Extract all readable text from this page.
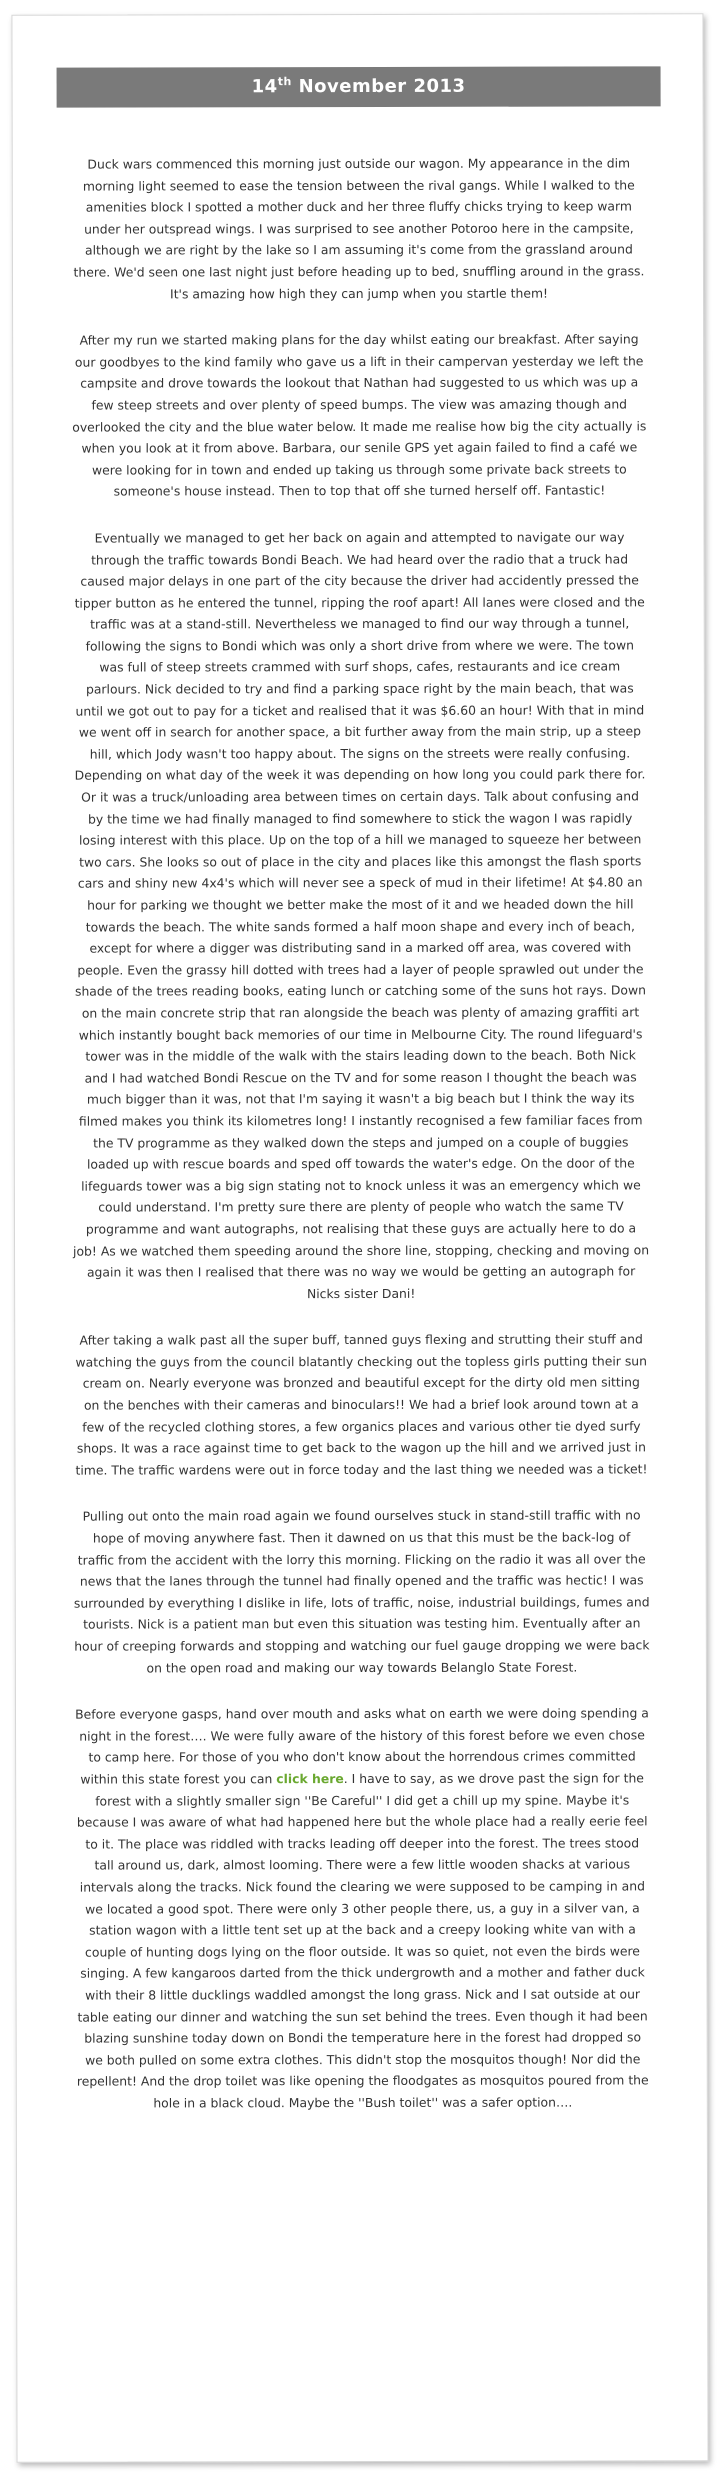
14th November 2013

Duck wars commenced this morning just outside our wagon. My appearance in the dim morning light seemed to ease the tension between the rival gangs. While I walked to the amenities block I spotted a mother duck and her three fluffy chicks trying to keep warm under her outspread wings. I was surprised to see another Potoroo here in the campsite, although we are right by the lake so I am assuming it's come from the grassland around there. We'd seen one last night just before heading up to bed, snuffling around in the grass. It's amazing how high they can jump when you startle them!

After my run we started making plans for the day whilst eating our breakfast. After saying our goodbyes to the kind family who gave us a lift in their campervan yesterday we left the campsite and drove towards the lookout that Nathan had suggested to us which was up a few steep streets and over plenty of speed bumps. The view was amazing though and overlooked the city and the blue water below. It made me realise how big the city actually is when you look at it from above. Barbara, our senile GPS yet again failed to find a café we were looking for in town and ended up taking us through some private back streets to someone's house instead. Then to top that off she turned herself off. Fantastic!

Eventually we managed to get her back on again and attempted to navigate our way through the traffic towards Bondi Beach. We had heard over the radio that a truck had caused major delays in one part of the city because the driver had accidently pressed the tipper button as he entered the tunnel, ripping the roof apart! All lanes were closed and the traffic was at a stand-still. Nevertheless we managed to find our way through a tunnel, following the signs to Bondi which was only a short drive from where we were. The town was full of steep streets crammed with surf shops, cafes, restaurants and ice cream parlours. Nick decided to try and find a parking space right by the main beach, that was until we got out to pay for a ticket and realised that it was $6.60 an hour! With that in mind we went off in search for another space, a bit further away from the main strip, up a steep hill, which Jody wasn't too happy about. The signs on the streets were really confusing. Depending on what day of the week it was depending on how long you could park there for. Or it was a truck/unloading area between times on certain days. Talk about confusing and by the time we had finally managed to find somewhere to stick the wagon I was rapidly losing interest with this place. Up on the top of a hill we managed to squeeze her between two cars. She looks so out of place in the city and places like this amongst the flash sports cars and shiny new 4x4's which will never see a speck of mud in their lifetime! At $4.80 an hour for parking we thought we better make the most of it and we headed down the hill towards the beach. The white sands formed a half moon shape and every inch of beach, except for where a digger was distributing sand in a marked off area, was covered with people. Even the grassy hill dotted with trees had a layer of people sprawled out under the shade of the trees reading books, eating lunch or catching some of the suns hot rays. Down on the main concrete strip that ran alongside the beach was plenty of amazing graffiti art which instantly bought back memories of our time in Melbourne City. The round lifeguard's tower was in the middle of the walk with the stairs leading down to the beach. Both Nick and I had watched Bondi Rescue on the TV and for some reason I thought the beach was much bigger than it was, not that I'm saying it wasn't a big beach but I think the way its filmed makes you think its kilometres long! I instantly recognised a few familiar faces from the TV programme as they walked down the steps and jumped on a couple of buggies loaded up with rescue boards and sped off towards the water's edge. On the door of the lifeguards tower was a big sign stating not to knock unless it was an emergency which we could understand. I'm pretty sure there are plenty of people who watch the same TV programme and want autographs, not realising that these guys are actually here to do a job! As we watched them speeding around the shore line, stopping, checking and moving on again it was then I realised that there was no way we would be getting an autograph for Nicks sister Dani!

After taking a walk past all the super buff, tanned guys flexing and strutting their stuff and watching the guys from the council blatantly checking out the topless girls putting their sun cream on. Nearly everyone was bronzed and beautiful except for the dirty old men sitting on the benches with their cameras and binoculars!! We had a brief look around town at a few of the recycled clothing stores, a few organics places and various other tie dyed surfy shops. It was a race against time to get back to the wagon up the hill and we arrived just in time. The traffic wardens were out in force today and the last thing we needed was a ticket!

Pulling out onto the main road again we found ourselves stuck in stand-still traffic with no hope of moving anywhere fast. Then it dawned on us that this must be the back-log of traffic from the accident with the lorry this morning. Flicking on the radio it was all over the news that the lanes through the tunnel had finally opened and the traffic was hectic! I was surrounded by everything I dislike in life, lots of traffic, noise, industrial buildings, fumes and tourists. Nick is a patient man but even this situation was testing him. Eventually after an hour of creeping forwards and stopping and watching our fuel gauge dropping we were back on the open road and making our way towards Belanglo State Forest.

Before everyone gasps, hand over mouth and asks what on earth we were doing spending a night in the forest…. We were fully aware of the history of this forest before we even chose to camp here. For those of you who don't know about the horrendous crimes committed within this state forest you can click here. I have to say, as we drove past the sign for the forest with a slightly smaller sign ''Be Careful'' I did get a chill up my spine. Maybe it's because I was aware of what had happened here but the whole place had a really eerie feel to it. The place was riddled with tracks leading off deeper into the forest. The trees stood tall around us, dark, almost looming. There were a few little wooden shacks at various intervals along the tracks. Nick found the clearing we were supposed to be camping in and we located a good spot. There were only 3 other people there, us, a guy in a silver van, a station wagon with a little tent set up at the back and a creepy looking white van with a couple of hunting dogs lying on the floor outside. It was so quiet, not even the birds were singing. A few kangaroos darted from the thick undergrowth and a mother and father duck with their 8 little ducklings waddled amongst the long grass. Nick and I sat outside at our table eating our dinner and watching the sun set behind the trees. Even though it had been blazing sunshine today down on Bondi the temperature here in the forest had dropped so we both pulled on some extra clothes. This didn't stop the mosquitos though! Nor did the repellent! And the drop toilet was like opening the floodgates as mosquitos poured from the hole in a black cloud. Maybe the ''Bush toilet'' was a safer option….
